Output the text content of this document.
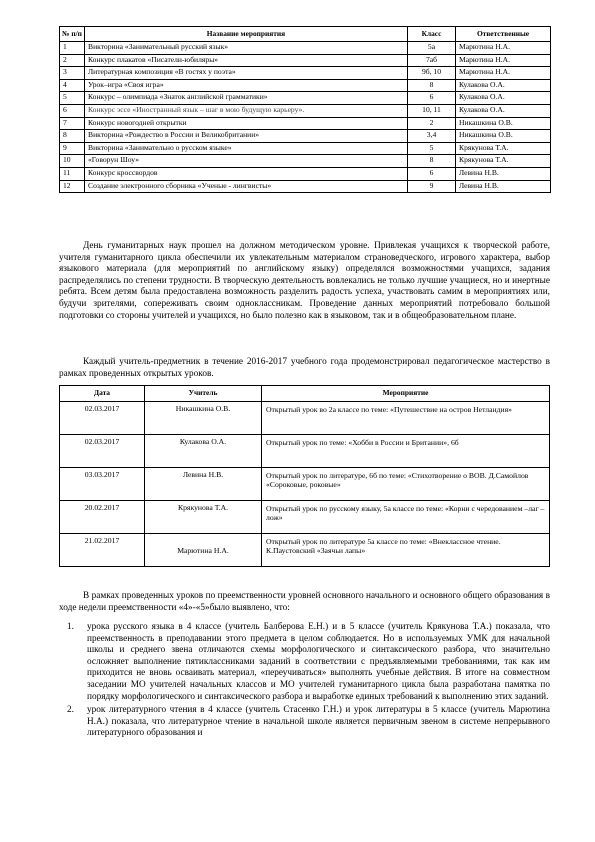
№ п/п	Название мероприятия	Класс	Ответственные
1	Викторина «Занимательный русский язык»	5а	Марютина Н.А.
2	Конкурс плакатов «Писатели-юбиляры»	7аб	Марютина Н.А.
3	Литературная композиция «В гостях у поэта»	9б, 10	Марютина Н.А.
4	Урок–игра «Своя игра»	8	Кулакова О.А.
5	Конкурс – олимпиада «Знаток английской грамматики»	6	Кулакова О.А.
6	Конкурс эссе «Иностранный язык – шаг в мою будущую карьеру».	10, 11	Кулакова О.А.
7	Конкурс новогодней открытки	2	Никашкина О.В.
8	Викторина «Рождество в России и Великобритании»	3,4	Никашкина О.В.
9	Викторина «Занимательно о русском языке»	5	Крякунова Т.А.
10	«Говорун Шоу»	8	Крякунова Т.А.
11	Конкурс кроссвордов	6	Левина Н.В.
12	Создание электронного сборника «Ученые - лингвисты»	9	Левина Н.В.
День гуманитарных наук прошел на должном методическом уровне. Привлекая учащихся к творческой работе, учителя гуманитарного цикла обеспечили их увлекательным материалом страноведческого, игрового характера, выбор языкового материала (для мероприятий по английскому языку) определялся возможностями учащихся, задания распределялись по степени трудности. В творческую деятельность вовлекались не только лучшие учащиеся, но и инертные ребята. Всем детям была предоставлена возможность разделить радость успеха, участвовать самим в мероприятиях или, будучи зрителями, сопереживать своим одноклассникам. Проведение данных мероприятий потребовало большой подготовки со стороны учителей и учащихся, но было полезно как в языковом, так и в общеобразовательном плане.
Каждый учитель-предметник в течение 2016-2017 учебного года продемонстрировал педагогическое мастерство в рамках проведенных открытых уроков.
Дата	Учитель	Мероприятие
02.03.2017	Никашкина О.В.	Открытый урок во 2а классе по теме: «Путешествие на остров Нетландия»
02.03.2017	Кулакова О.А.	Открытый урок по теме: «Хобби в России и Британии», 6б
03.03.2017	Левина Н.В.	Открытый урок по литературе, 6б по теме: «Стихотворение о ВОВ. Д.Самойлов «Сороковые, роковые»
20.02.2017	Крякунова Т.А.	Открытый урок по русскому языку, 5а классе по теме: «Корни с чередованием –лаг –лож»
21.02.2017	Марютина Н.А.	Открытый урок по литературе 5а классе по теме: «Внеклассное чтение. К.Паустовский «Заячьи лапы»
В рамках проведенных уроков по преемственности уровней основного начального и основного общего образования в ходе недели преемственности «4»-«5»было выявлено, что:
1. урока русского языка в 4 классе (учитель Балберова Е.Н.) и в 5 классе (учитель Крякунова Т.А.) показала, что преемственность в преподавании этого предмета в целом соблюдается. Но в используемых УМК для начальной школы и среднего звена отличаются схемы морфологического и синтаксического разбора, что значительно осложняет выполнение пятиклассниками заданий в соответствии с предъявляемыми требованиями, так как им приходится не вновь осваивать материал, «переучиваться» выполнять учебные действия. В итоге на совместном заседании МО учителей начальных классов и МО учителей гуманитарного цикла была разработана памятка по порядку морфологического и синтаксического разбора и выработке единых требований к выполнению этих заданий.
2. урок литературного чтения в 4 классе (учитель Стасенко Г.Н.) и урок литературы в 5 классе (учитель Марютина Н.А.) показала, что литературное чтение в начальной школе является первичным звеном в системе непрерывного литературного образования и
